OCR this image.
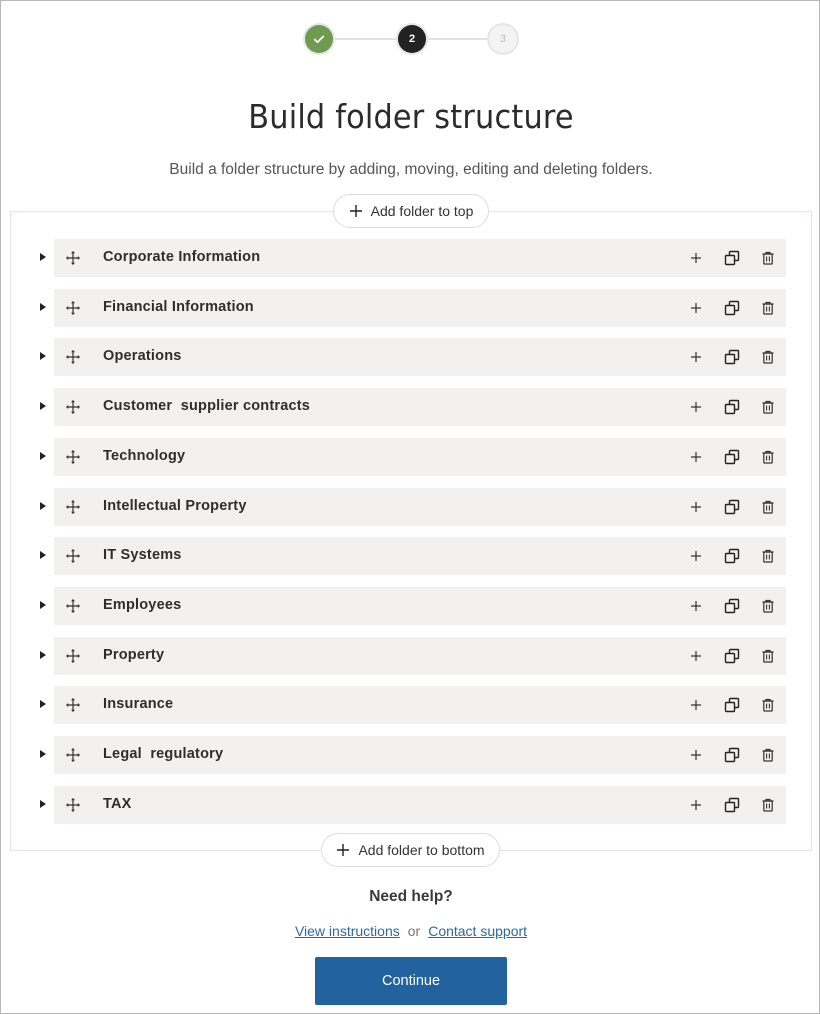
2	3
Build folder structure

Build a folder structure by adding, moving, editing and deleting folders.

Add folder to top
Corporate Information
Financial Information
Operations
Customer  supplier contracts
Technology
Intellectual Property
IT Systems
Employees
Property
Insurance
Legal  regulatory
TAX
Add folder to bottom
Need help?
View instructions or Contact support
Continue
